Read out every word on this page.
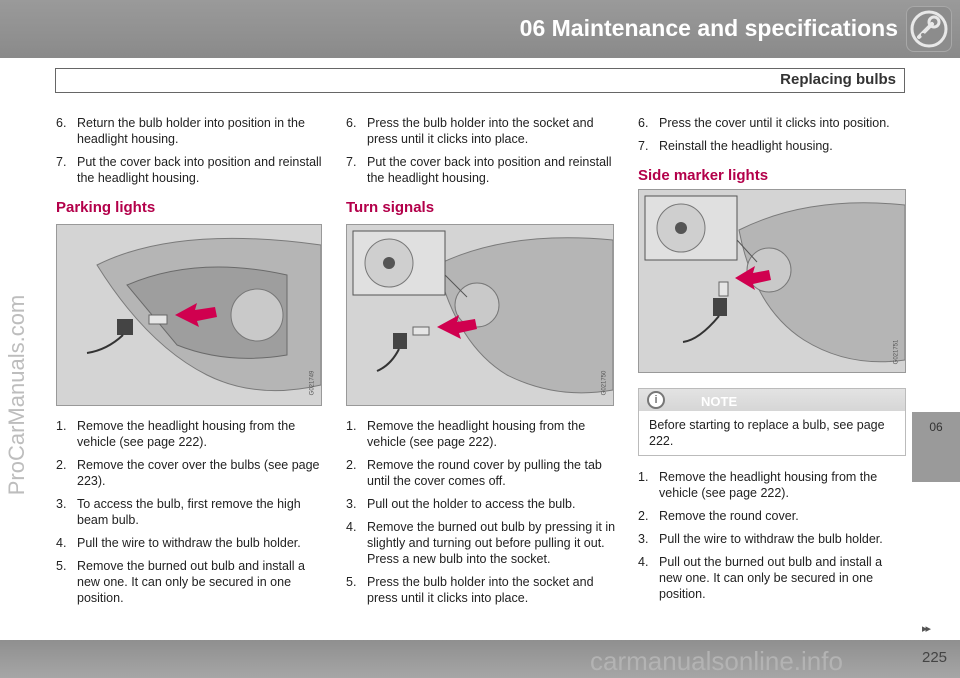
06 Maintenance and specifications
Replacing bulbs
06
ProCarManuals.com
6. Return the bulb holder into position in the headlight housing.
7. Put the cover back into position and reinstall the headlight housing.
Parking lights
G021749
1. Remove the headlight housing from the vehicle (see page 222).
2. Remove the cover over the bulbs (see page 223).
3. To access the bulb, first remove the high beam bulb.
4. Pull the wire to withdraw the bulb holder.
5. Remove the burned out bulb and install a new one. It can only be secured in one position.
6. Press the bulb holder into the socket and press until it clicks into place.
7. Put the cover back into position and reinstall the headlight housing.
Turn signals
G021750
1. Remove the headlight housing from the vehicle (see page 222).
2. Remove the round cover by pulling the tab until the cover comes off.
3. Pull out the holder to access the bulb.
4. Remove the burned out bulb by pressing it in slightly and turning out before pulling it out. Press a new bulb into the socket.
5. Press the bulb holder into the socket and press until it clicks into place.
6. Press the cover until it clicks into position.
7. Reinstall the headlight housing.
Side marker lights
G021751
i	NOTE
Before starting to replace a bulb, see page 222.
1. Remove the headlight housing from the vehicle (see page 222).
2. Remove the round cover.
3. Pull the wire to withdraw the bulb holder.
4. Pull out the burned out bulb and install a new one. It can only be secured in one position.
▸▸
carmanualsonline.info	225
